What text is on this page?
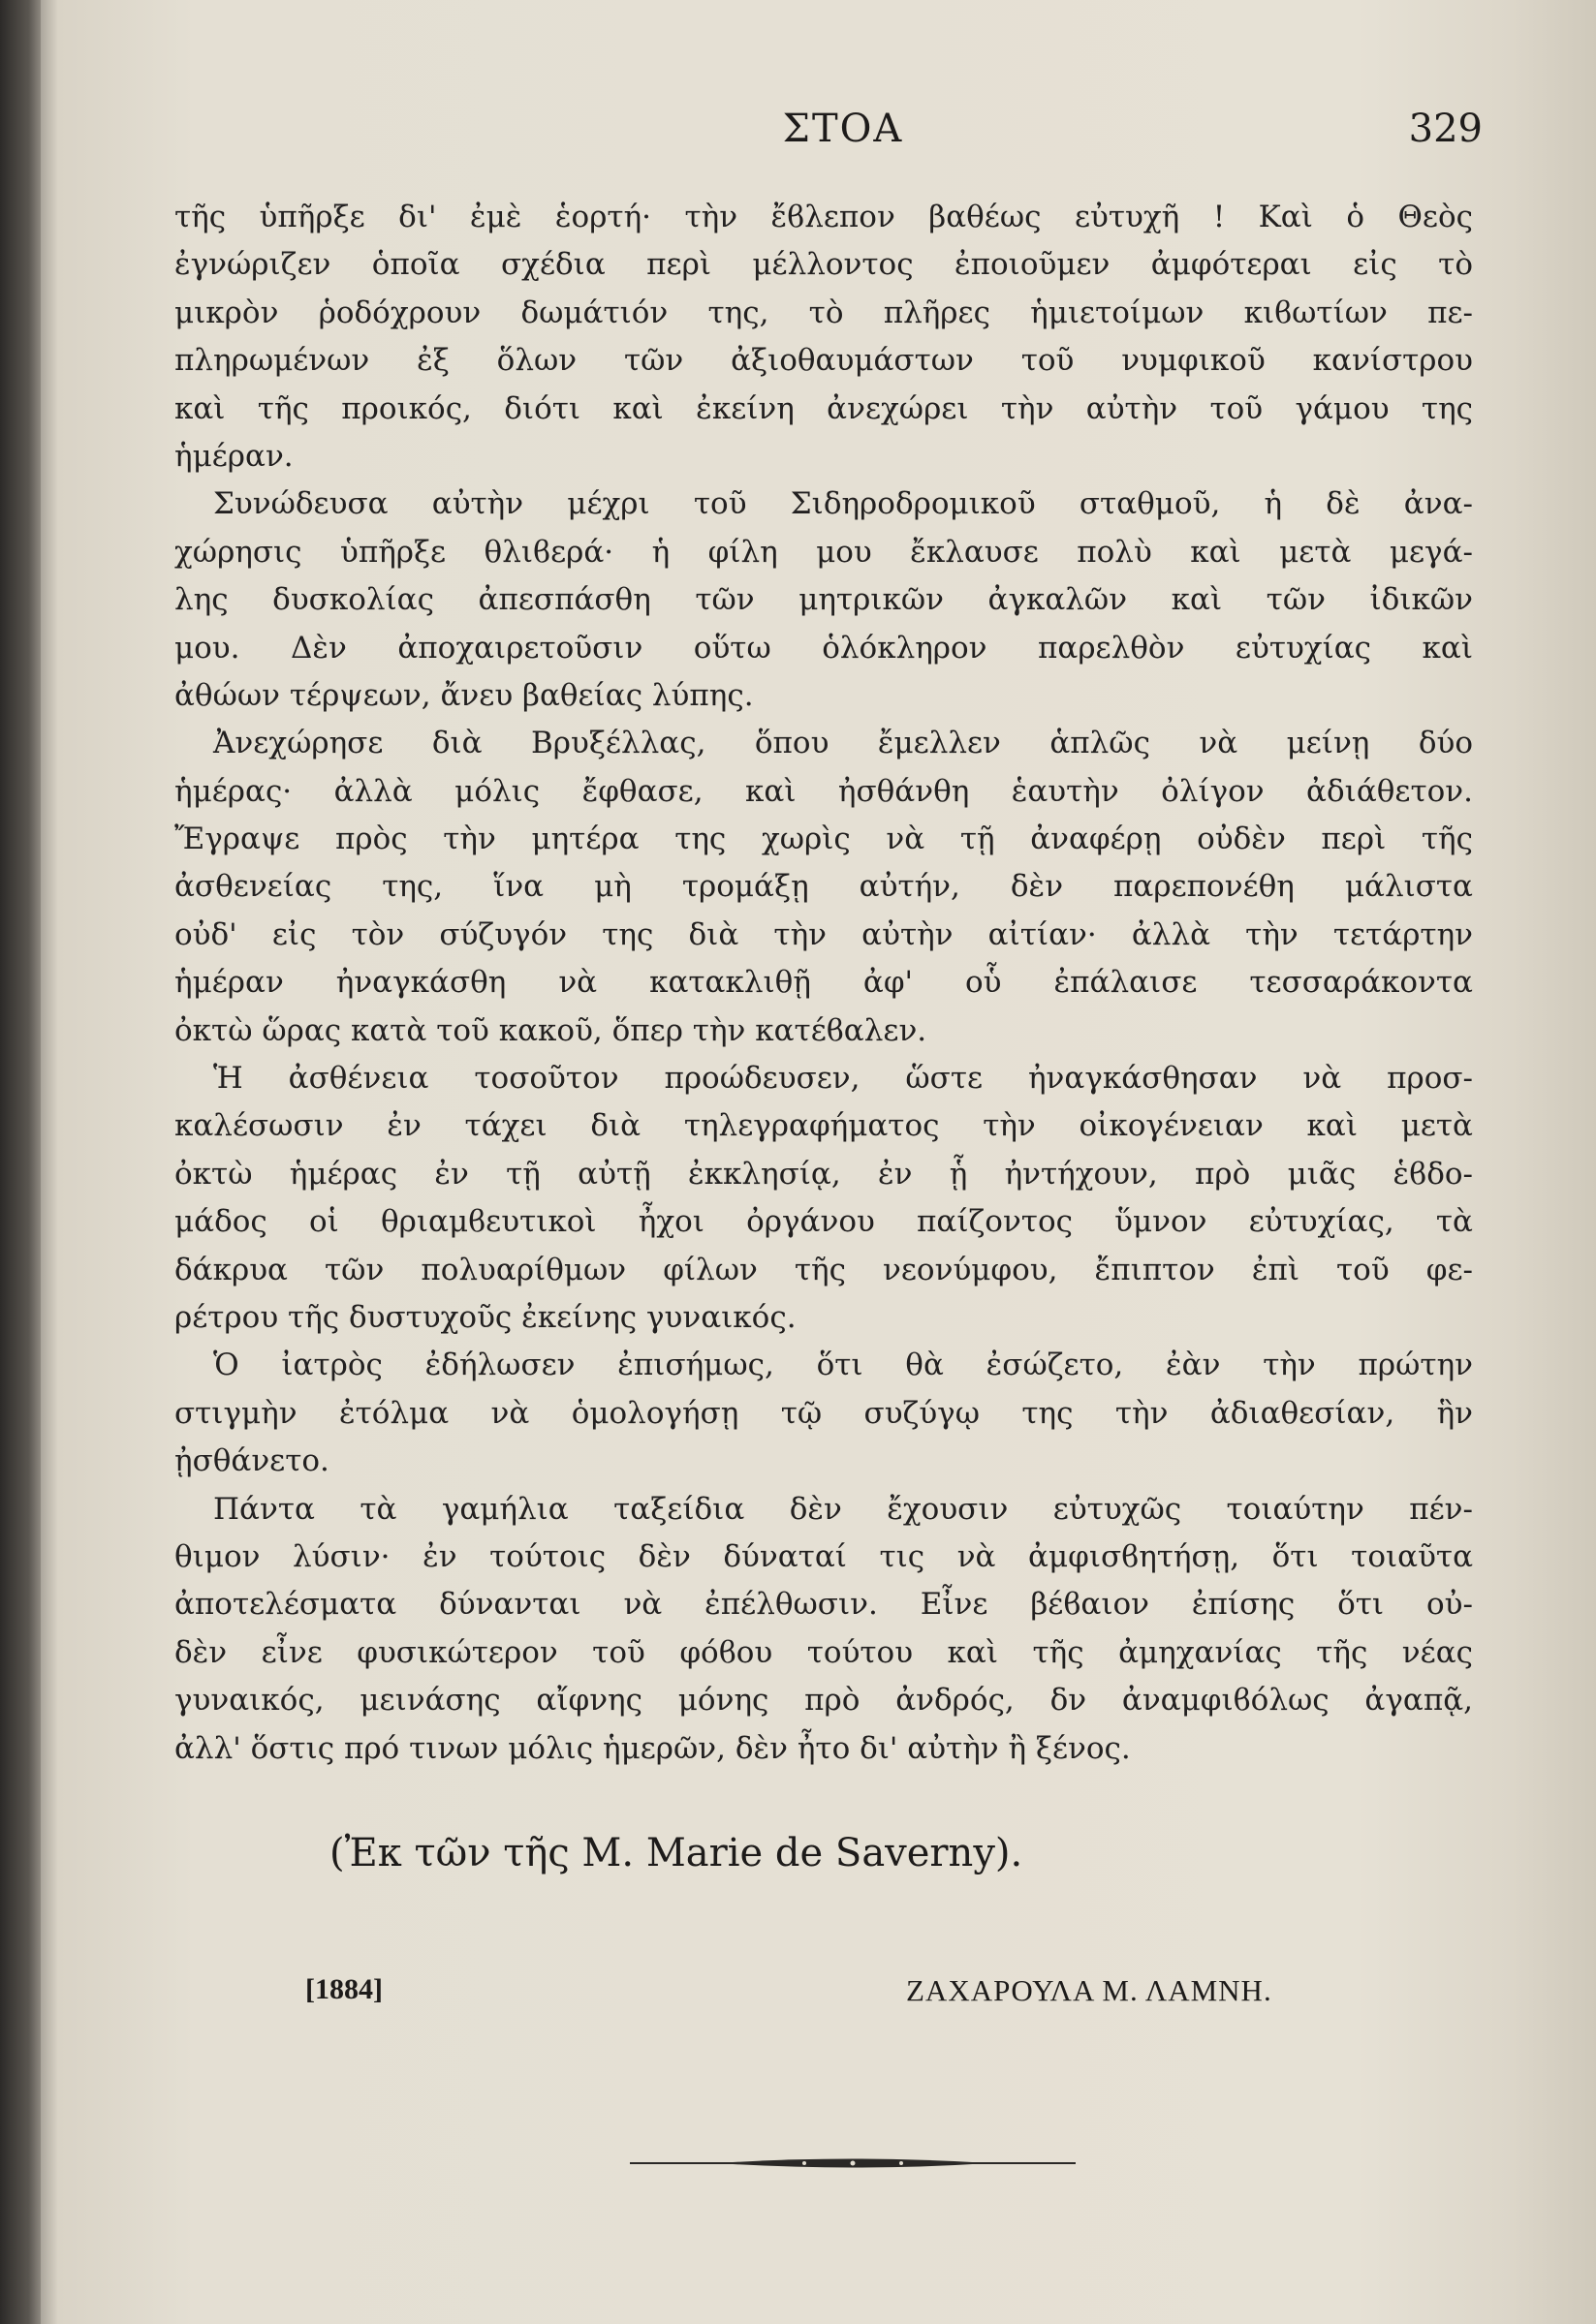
ΣΤΟΑ	329
τῆς ὑπῆρξε δι' ἐμὲ ἑορτή· τὴν ἔϐλεπον βαθέως εὐτυχῆ ! Καὶ ὁ Θεὸς
ἐγνώριζεν ὁποῖα σχέδια περὶ μέλλοντος ἐποιοῦμεν ἀμφότεραι εἰς τὸ
μικρὸν ῥοδόχρουν δωμάτιόν της, τὸ πλῆρες ἡμιετοίμων κιϐωτίων πε-
πληρωμένων ἐξ ὅλων τῶν ἀξιοθαυμάστων τοῦ νυμφικοῦ κανίστρου
καὶ τῆς προικός, διότι καὶ ἐκείνη ἀνεχώρει τὴν αὐτὴν τοῦ γάμου της
ἡμέραν.
Συνώδευσα αὐτὴν μέχρι τοῦ Σιδηροδρομικοῦ σταθμοῦ, ἡ δὲ ἀνα-
χώρησις ὑπῆρξε θλιϐερά· ἡ φίλη μου ἔκλαυσε πολὺ καὶ μετὰ μεγά-
λης δυσκολίας ἀπεσπάσθη τῶν μητρικῶν ἀγκαλῶν καὶ τῶν ἰδικῶν
μου. Δὲν ἀποχαιρετοῦσιν οὕτω ὁλόκληρον παρελθὸν εὐτυχίας καὶ
ἀθώων τέρψεων, ἄνευ βαθείας λύπης.
Ἀνεχώρησε διὰ Βρυξέλλας, ὅπου ἔμελλεν ἁπλῶς νὰ μείνῃ δύο
ἡμέρας· ἀλλὰ μόλις ἔφθασε, καὶ ἠσθάνθη ἑαυτὴν ὀλίγον ἀδιάθετον.
Ἔγραψε πρὸς τὴν μητέρα της χωρὶς νὰ τῇ ἀναφέρῃ οὐδὲν περὶ τῆς
ἀσθενείας της, ἵνα μὴ τρομάξῃ αὐτήν, δὲν παρεπονέθη μάλιστα
οὐδ' εἰς τὸν σύζυγόν της διὰ τὴν αὐτὴν αἰτίαν· ἀλλὰ τὴν τετάρτην
ἡμέραν ἠναγκάσθη νὰ κατακλιθῇ ἀφ' οὗ ἐπάλαισε τεσσαράκοντα
ὀκτὼ ὥρας κατὰ τοῦ κακοῦ, ὅπερ τὴν κατέϐαλεν.
Ἡ ἀσθένεια τοσοῦτον προώδευσεν, ὥστε ἠναγκάσθησαν νὰ προσ-
καλέσωσιν ἐν τάχει διὰ τηλεγραφήματος τὴν οἰκογένειαν καὶ μετὰ
ὀκτὼ ἡμέρας ἐν τῇ αὐτῇ ἐκκλησίᾳ, ἐν ᾗ ἠντήχουν, πρὸ μιᾶς ἑϐδο-
μάδος οἱ θριαμϐευτικοὶ ἦχοι ὀργάνου παίζοντος ὕμνον εὐτυχίας, τὰ
δάκρυα τῶν πολυαρίθμων φίλων τῆς νεονύμφου, ἔπιπτον ἐπὶ τοῦ φε-
ρέτρου τῆς δυστυχοῦς ἐκείνης γυναικός.
Ὁ ἰατρὸς ἐδήλωσεν ἐπισήμως, ὅτι θὰ ἐσώζετο, ἐὰν τὴν πρώτην
στιγμὴν ἐτόλμα νὰ ὁμολογήσῃ τῷ συζύγῳ της τὴν ἀδιαθεσίαν, ἣν
ᾐσθάνετο.
Πάντα τὰ γαμήλια ταξείδια δὲν ἔχουσιν εὐτυχῶς τοιαύτην πέν-
θιμον λύσιν· ἐν τούτοις δὲν δύναταί τις νὰ ἀμφισϐητήσῃ, ὅτι τοιαῦτα
ἀποτελέσματα δύνανται νὰ ἐπέλθωσιν. Εἶνε βέϐαιον ἐπίσης ὅτι οὐ-
δὲν εἶνε φυσικώτερον τοῦ φόϐου τούτου καὶ τῆς ἀμηχανίας τῆς νέας
γυναικός, μεινάσης αἴφνης μόνης πρὸ ἀνδρός, δν ἀναμφιϐόλως ἀγαπᾷ,
ἀλλ' ὅστις πρό τινων μόλις ἡμερῶν, δὲν ἦτο δι' αὐτὴν ἢ ξένος.
(Ἐκ τῶν τῆς M. Marie de Saverny).
[1884]	ΖΑΧΑΡΟΥΛΑ Μ. ΛΑΜΝΗ.
